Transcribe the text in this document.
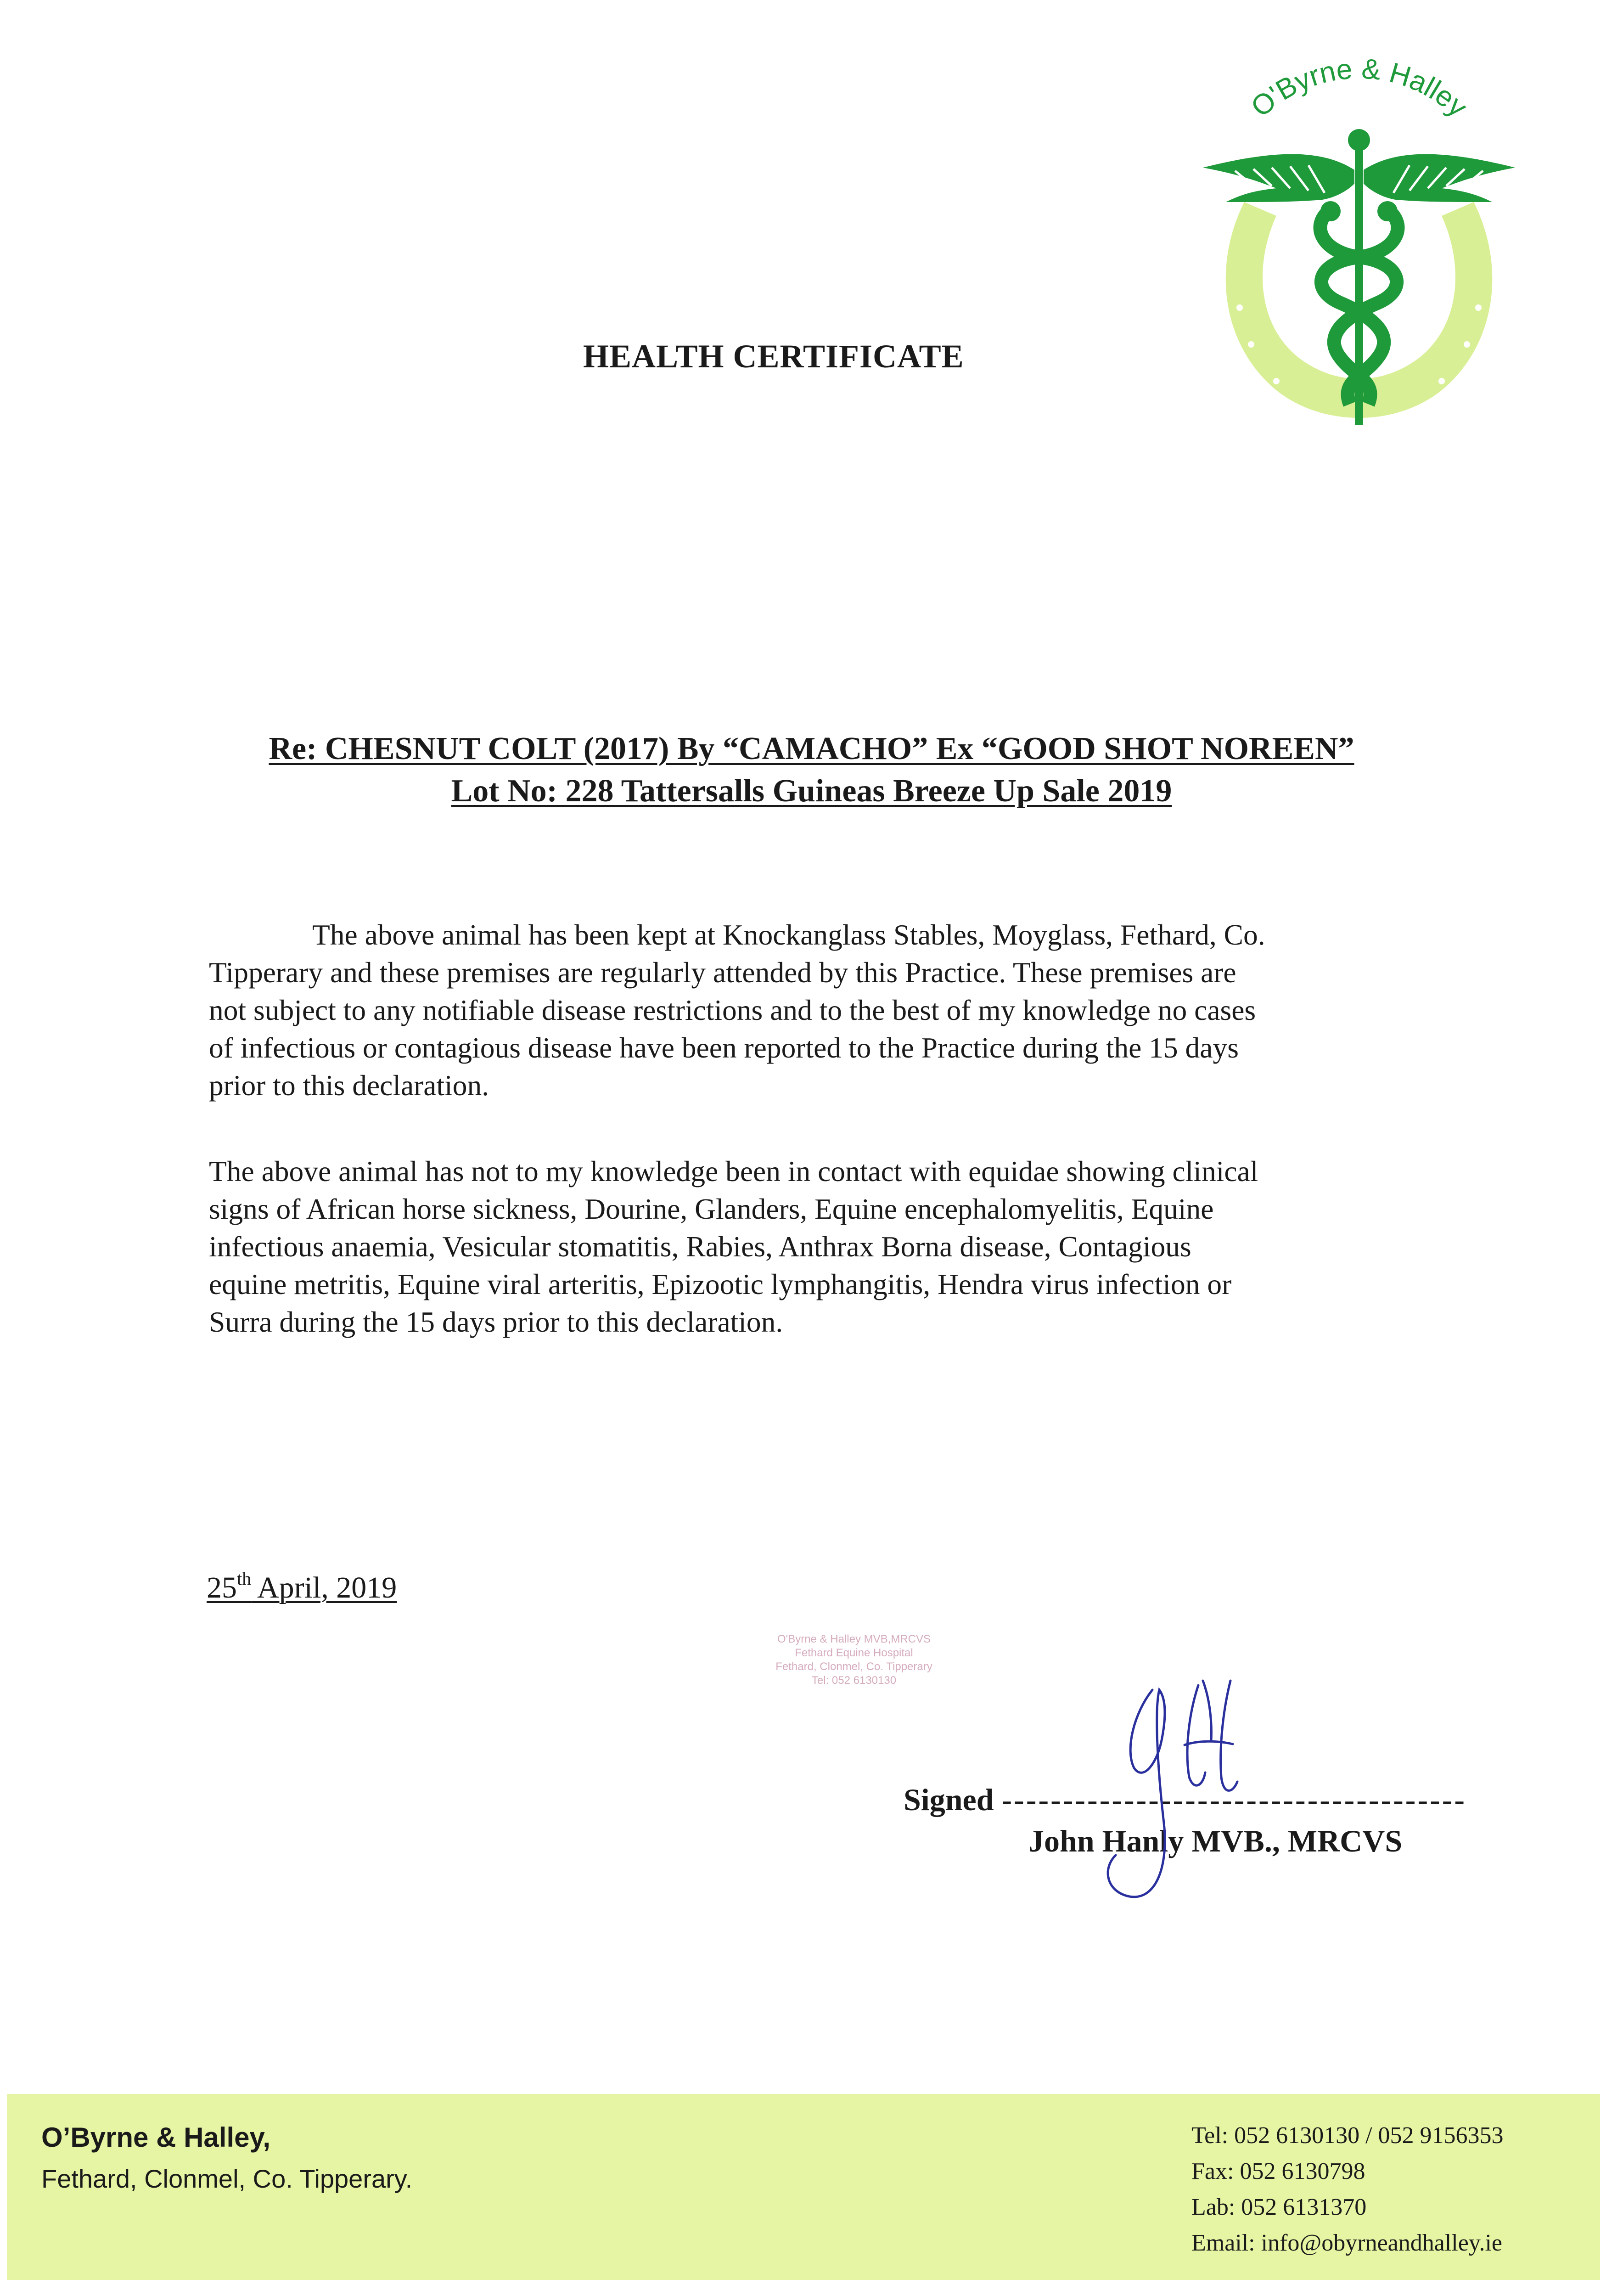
O'Byrne & Halley
HEALTH CERTIFICATE
Re: CHESNUT COLT (2017) By “CAMACHO” Ex “GOOD SHOT NOREEN”
Lot No: 228 Tattersalls Guineas Breeze Up Sale 2019
The above animal has been kept at Knockanglass Stables, Moyglass, Fethard, Co.
Tipperary and these premises are regularly attended by this Practice. These premises are
not subject to any notifiable disease restrictions and to the best of my knowledge no cases
of infectious or contagious disease have been reported to the Practice during the 15 days
prior to this declaration.
The above animal has not to my knowledge been in contact with equidae showing clinical
signs of African horse sickness, Dourine, Glanders, Equine encephalomyelitis, Equine
infectious anaemia, Vesicular stomatitis, Rabies, Anthrax Borna disease, Contagious
equine metritis, Equine viral arteritis, Epizootic lymphangitis, Hendra virus infection or
Surra during the 15 days prior to this declaration.
25th April, 2019
O'Byrne & Halley MVB,MRCVS
Fethard Equine Hospital
Fethard, Clonmel, Co. Tipperary
Tel: 052 6130130
Signed --------------------------------------
John Hanly MVB., MRCVS
O’Byrne & Halley,
Fethard, Clonmel, Co. Tipperary.
Tel: 052 6130130 / 052 9156353
Fax: 052 6130798
Lab: 052 6131370
Email: info@obyrneandhalley.ie
